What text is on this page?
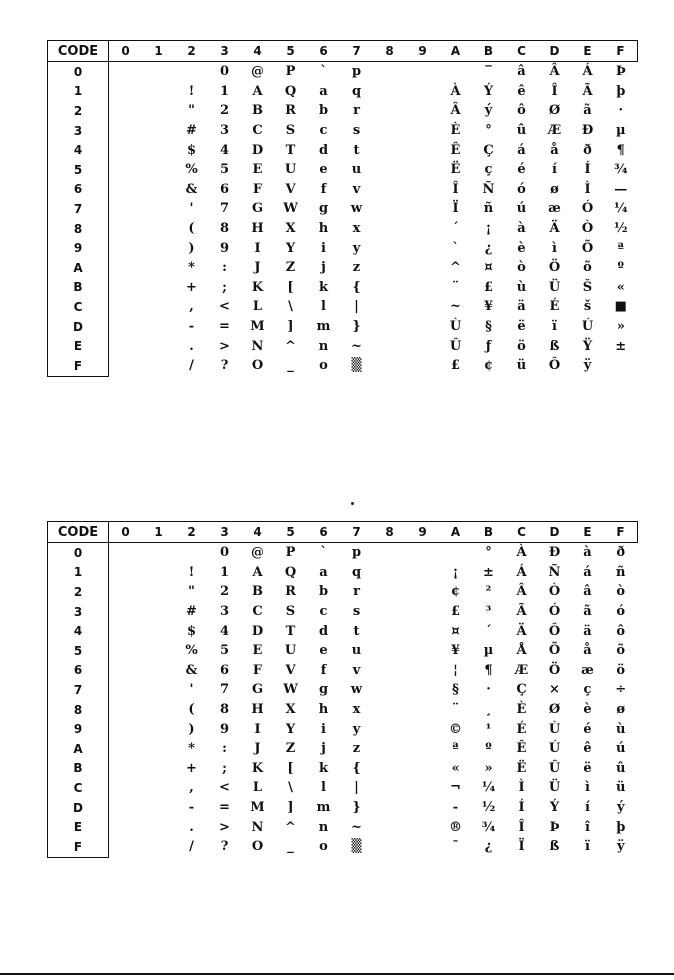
CODE	0	1	2	3	4	5	6	7	8	9	A	B	C	D	E	F
0				0	@	P	`	p				‾	â	Â	Á	Þ
1			!	1	A	Q	a	q			À	Ý	ê	Î	Ã	þ
2			"	2	B	R	b	r			Â	ý	ô	Ø	ã	·
3			#	3	C	S	c	s			È	°	û	Æ	Đ	µ
4			$	4	D	T	d	t			Ê	Ç	á	å	ð	¶
5			%	5	E	U	e	u			Ë	ç	é	í	Í	¾
6			&	6	F	V	f	v			Î	Ñ	ó	ø	Ì	—
7			'	7	G	W	g	w			Ï	ñ	ú	æ	Ó	¼
8			(	8	H	X	h	x			´	¡	à	Ä	Ò	½
9			)	9	I	Y	i	y			`	¿	è	ì	Õ	ª
A			*	:	J	Z	j	z			^	¤	ò	Ö	õ	º
B			+	;	K	[	k	{			¨	£	ù	Ü	Š	«
C			,	<	L	\	l	|			~	¥	ä	É	š	■
D			-	=	M	]	m	}			Ù	§	ë	ï	Ú	»
E			.	>	N	^	n	~			Û	ƒ	ö	ß	Ÿ	±
F			/	?	O	_	o	▒			£	¢	ü	Ô	ÿ	
CODE	0	1	2	3	4	5	6	7	8	9	A	B	C	D	E	F
0				0	@	P	`	p				°	À	Đ	à	ð
1			!	1	A	Q	a	q			¡	±	Á	Ñ	á	ñ
2			"	2	B	R	b	r			¢	²	Â	Ò	â	ò
3			#	3	C	S	c	s			£	³	Ã	Ó	ã	ó
4			$	4	D	T	d	t			¤	´	Ä	Ô	ä	ô
5			%	5	E	U	e	u			¥	µ	Å	Õ	å	õ
6			&	6	F	V	f	v			¦	¶	Æ	Ö	æ	ö
7			'	7	G	W	g	w			§	·	Ç	×	ç	÷
8			(	8	H	X	h	x			¨	¸	È	Ø	è	ø
9			)	9	I	Y	i	y			©	¹	É	Ù	é	ù
A			*	:	J	Z	j	z			ª	º	Ê	Ú	ê	ú
B			+	;	K	[	k	{			«	»	Ë	Û	ë	û
C			,	<	L	\	l	|			¬	¼	Ì	Ü	ì	ü
D			-	=	M	]	m	}			-	½	Í	Ý	í	ý
E			.	>	N	^	n	~			®	¾	Î	Þ	î	þ
F			/	?	O	_	o	▒			¯	¿	Ï	ß	ï	ÿ
